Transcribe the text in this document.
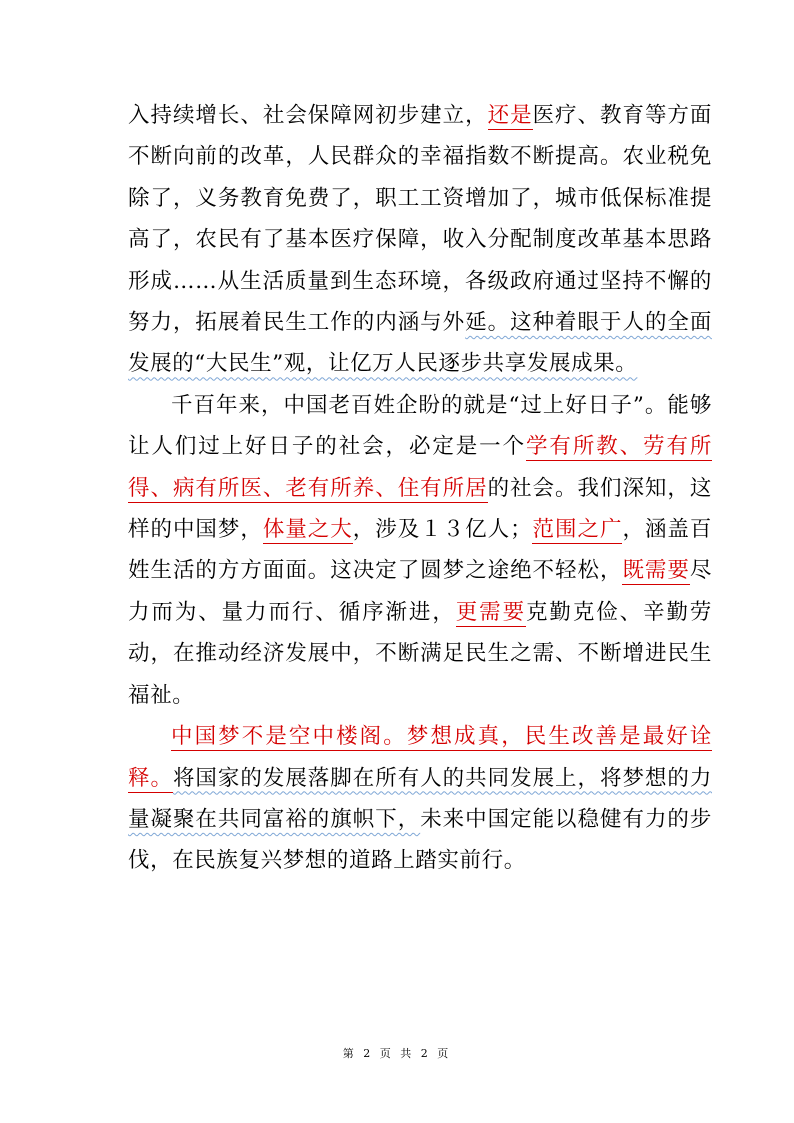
入持续增长、社会保障网初步建立，还是医疗、教育等方面不断向前的改革，人民群众的幸福指数不断提高。农业税免除了，义务教育免费了，职工工资增加了，城市低保标准提高了，农民有了基本医疗保障，收入分配制度改革基本思路形成……从生活质量到生态环境，各级政府通过坚持不懈的努力，拓展着民生工作的内涵与外延。这种着眼于人的全面发展的“大民生”观，让亿万人民逐步共享发展成果。

千百年来，中国老百姓企盼的就是“过上好日子”。能够让人们过上好日子的社会，必定是一个学有所教、劳有所得、病有所医、老有所养、住有所居的社会。我们深知，这样的中国梦，体量之大，涉及１３亿人；范围之广，涵盖百姓生活的方方面面。这决定了圆梦之途绝不轻松，既需要尽力而为、量力而行、循序渐进，更需要克勤克俭、辛勤劳动，在推动经济发展中，不断满足民生之需、不断增进民生福祉。

中国梦不是空中楼阁。梦想成真，民生改善是最好诠释。将国家的发展落脚在所有人的共同发展上，将梦想的力量凝聚在共同富裕的旗帜下，未来中国定能以稳健有力的步伐，在民族复兴梦想的道路上踏实前行。

第 2 页 共 2 页
